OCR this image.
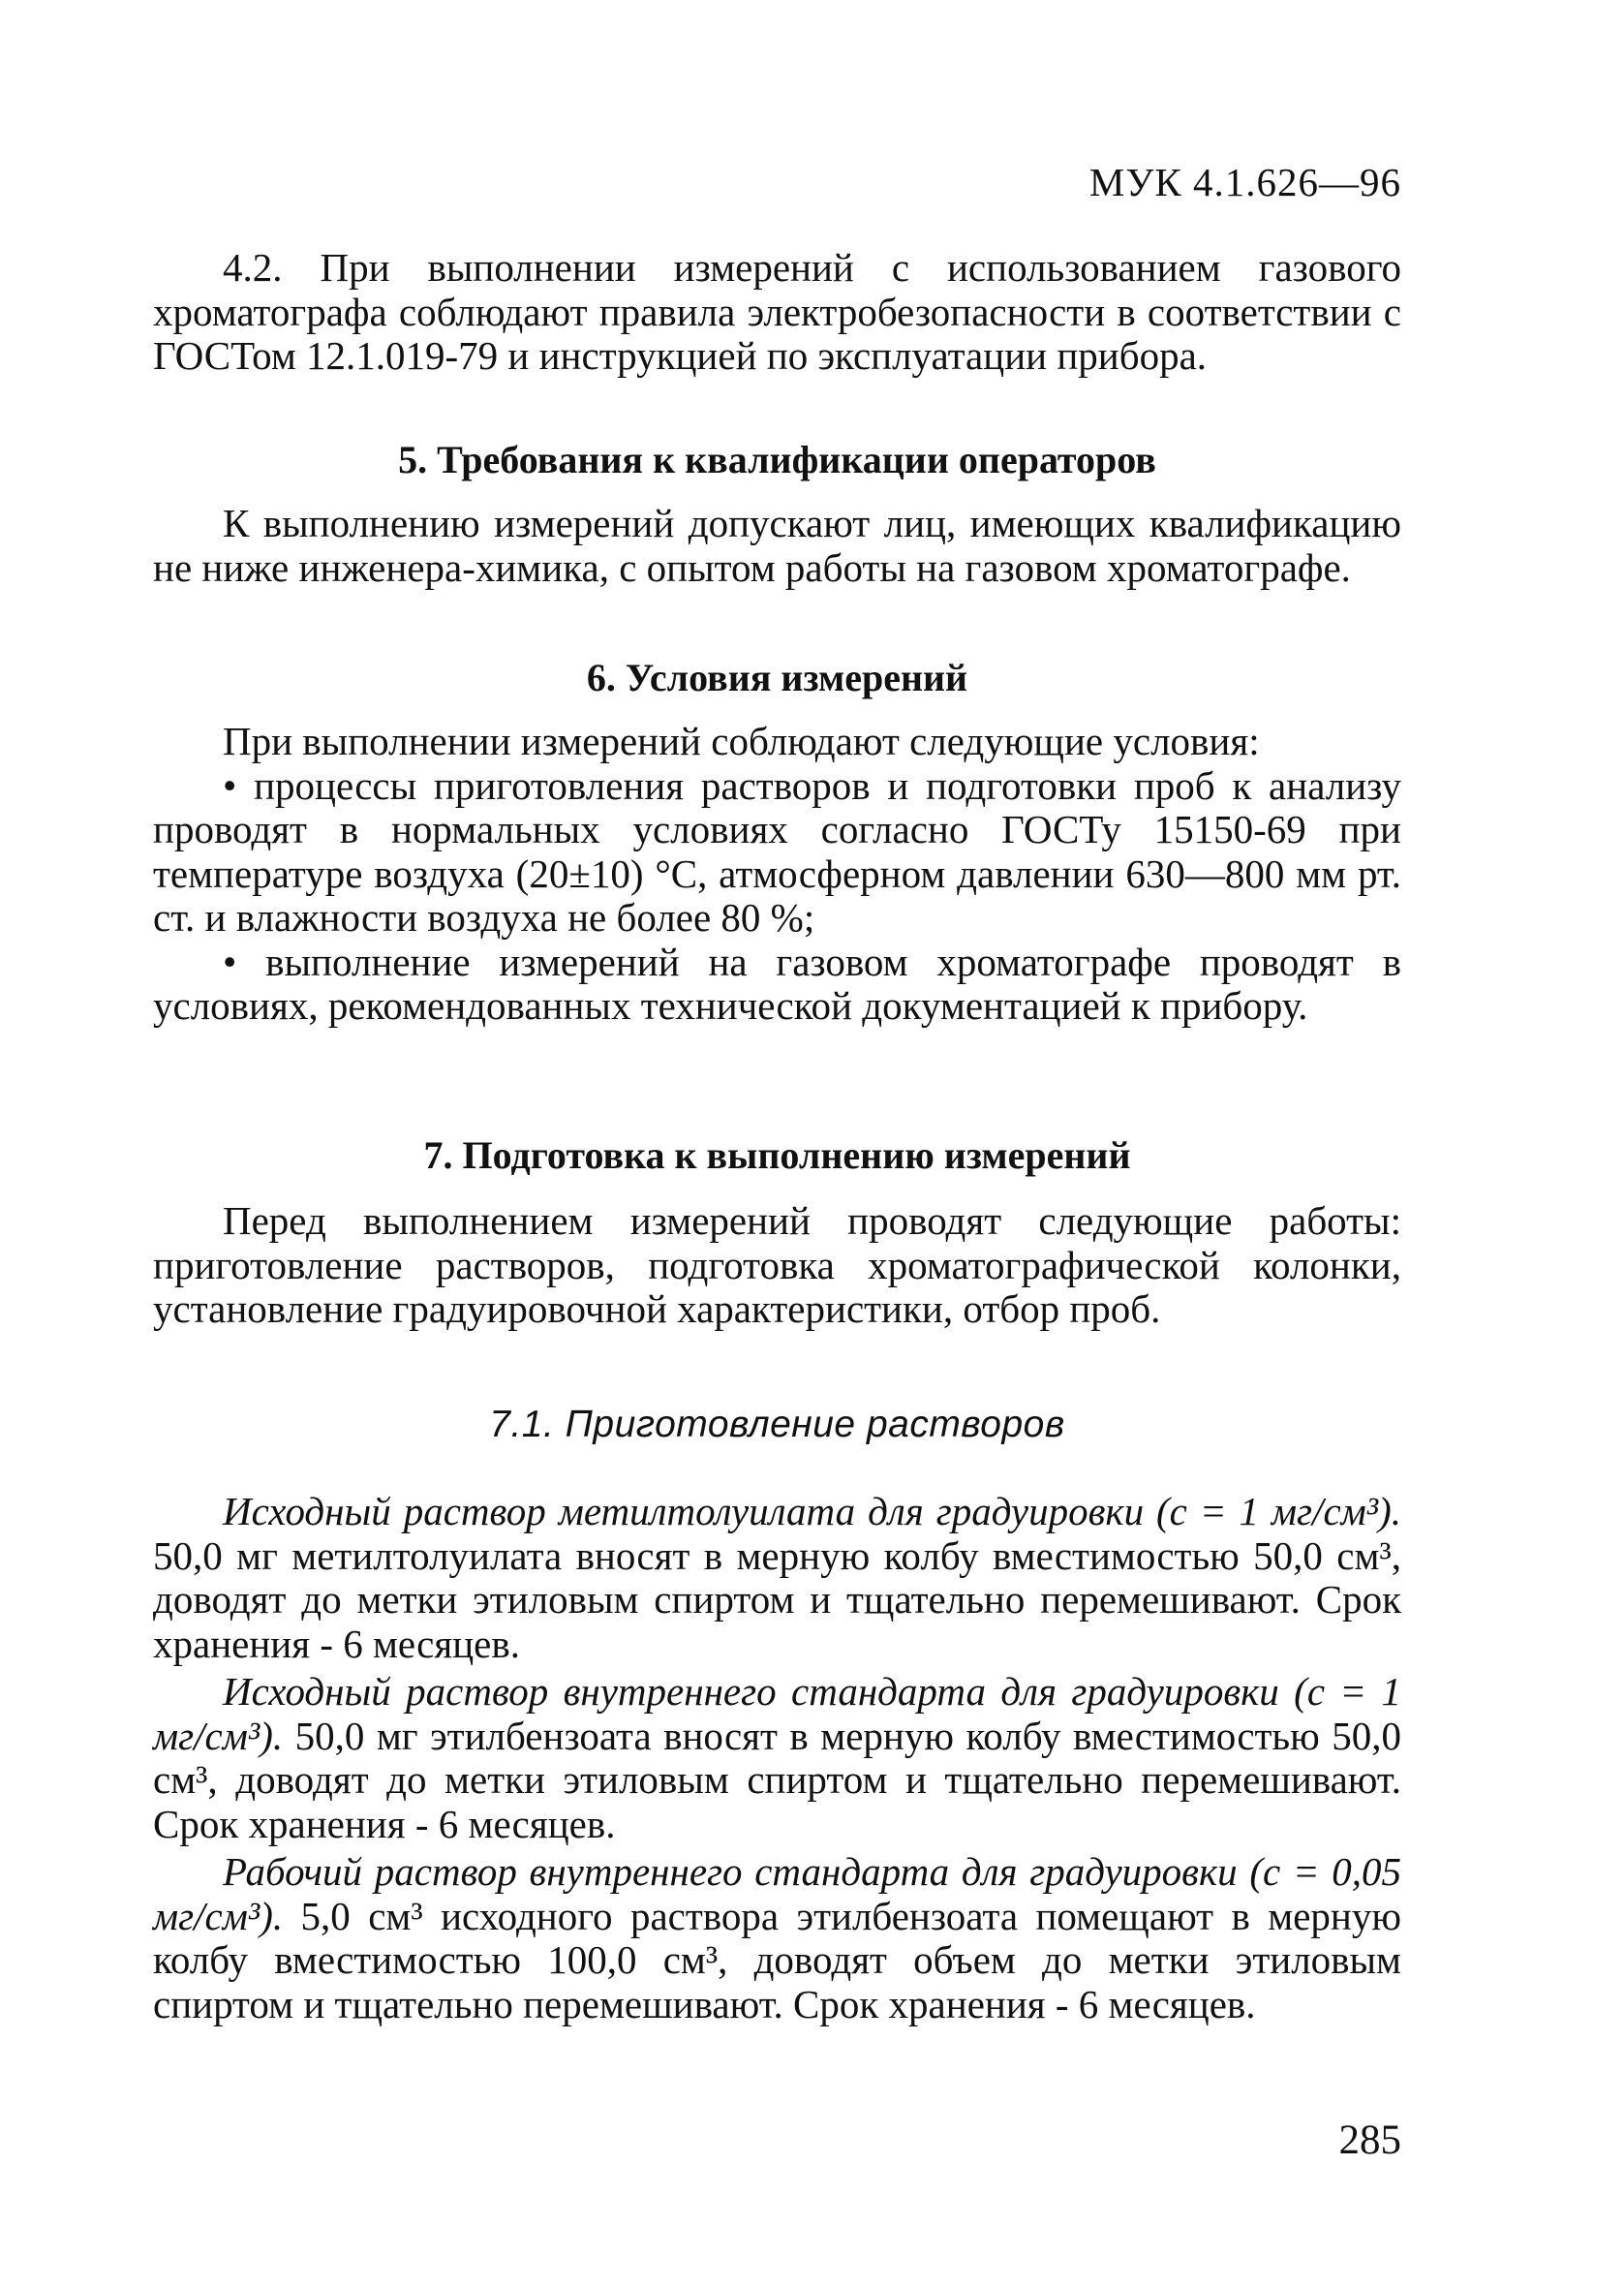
МУК 4.1.626—96

4.2. При выполнении измерений с использованием газового хроматографа соблюдают правила электробезопасности в соответствии с ГОСТом 12.1.019-79 и инструкцией по эксплуатации прибора.

5. Требования к квалификации операторов

К выполнению измерений допускают лиц, имеющих квалификацию не ниже инженера-химика, с опытом работы на газовом хроматографе.

6. Условия измерений

При выполнении измерений соблюдают следующие условия:

• процессы приготовления растворов и подготовки проб к анализу проводят в нормальных условиях согласно ГОСТу 15150-69 при температуре воздуха (20±10) °С, атмосферном давлении 630—800 мм рт. ст. и влажности воздуха не более 80 %;

• выполнение измерений на газовом хроматографе проводят в условиях, рекомендованных технической документацией к прибору.

7. Подготовка к выполнению измерений

Перед выполнением измерений проводят следующие работы: приготовление растворов, подготовка хроматографической колонки, установление градуировочной характеристики, отбор проб.

7.1. Приготовление растворов

Исходный раствор метилтолуилата для градуировки (с = 1 мг/см³). 50,0 мг метилтолуилата вносят в мерную колбу вместимостью 50,0 см³, доводят до метки этиловым спиртом и тщательно перемешивают. Срок хранения - 6 месяцев.

Исходный раствор внутреннего стандарта для градуировки (с = 1 мг/см³). 50,0 мг этилбензоата вносят в мерную колбу вместимостью 50,0 см³, доводят до метки этиловым спиртом и тщательно перемешивают. Срок хранения - 6 месяцев.

Рабочий раствор внутреннего стандарта для градуировки (с = 0,05 мг/см³). 5,0 см³ исходного раствора этилбензоата помещают в мерную колбу вместимостью 100,0 см³, доводят объем до метки этиловым спиртом и тщательно перемешивают. Срок хранения - 6 месяцев.

285
